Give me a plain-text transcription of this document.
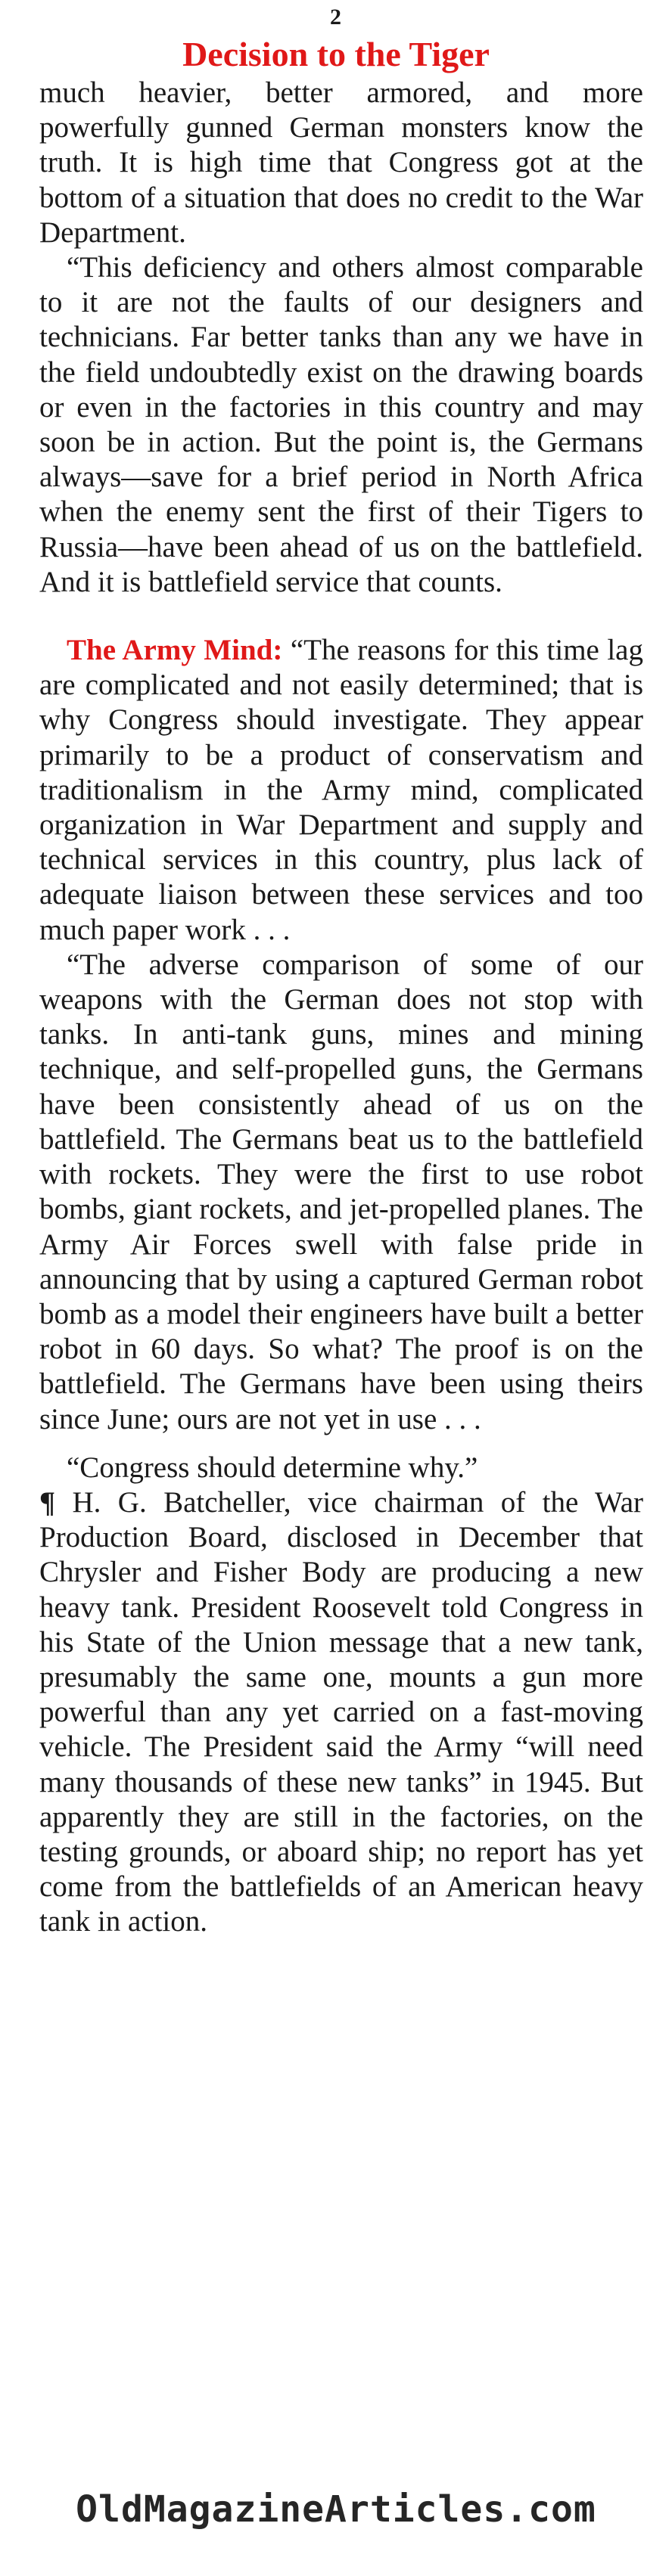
2
Decision to the Tiger

much heavier, better armored, and more powerfully gunned German monsters know the truth. It is high time that Congress got at the bottom of a situation that does no credit to the War Department.

“This deficiency and others almost comparable to it are not the faults of our designers and technicians. Far better tanks than any we have in the field undoubtedly exist on the drawing boards or even in the factories in this country and may soon be in action. But the point is, the Germans always—save for a brief period in North Africa when the enemy sent the first of their Tigers to Russia—have been ahead of us on the battlefield. And it is battlefield service that counts.

The Army Mind: “The reasons for this time lag are complicated and not easily determined; that is why Congress should investigate. They appear primarily to be a product of conservatism and traditionalism in the Army mind, complicated organization in War Department and supply and technical services in this country, plus lack of adequate liaison between these services and too much paper work . . .

“The adverse comparison of some of our weapons with the German does not stop with tanks. In anti-tank guns, mines and mining technique, and self-propelled guns, the Germans have been consistently ahead of us on the battlefield. The Germans beat us to the battlefield with rockets. They were the first to use robot bombs, giant rockets, and jet-propelled planes. The Army Air Forces swell with false pride in announcing that by using a captured German robot bomb as a model their engineers have built a better robot in 60 days. So what? The proof is on the battlefield. The Germans have been using theirs since June; ours are not yet in use . . .

“Congress should determine why.”

¶ H. G. Batcheller, vice chairman of the War Production Board, disclosed in December that Chrysler and Fisher Body are producing a new heavy tank. President Roosevelt told Congress in his State of the Union message that a new tank, presumably the same one, mounts a gun more powerful than any yet carried on a fast-moving vehicle. The President said the Army “will need many thousands of these new tanks” in 1945. But apparently they are still in the factories, on the testing grounds, or aboard ship; no report has yet come from the battlefields of an American heavy tank in action.

OldMagazineArticles.com
